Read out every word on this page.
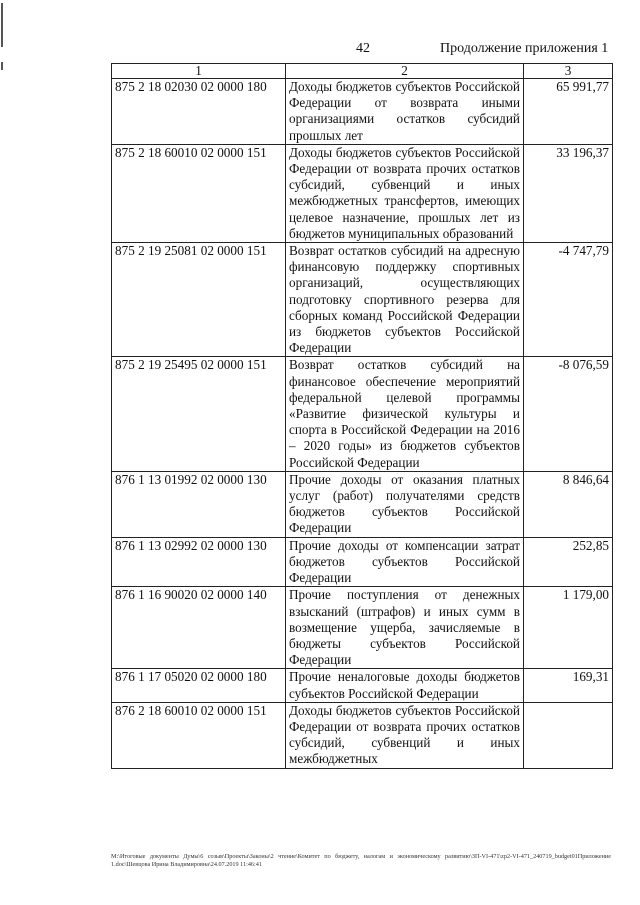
42	Продолжение приложения 1
1	2	3
875 2 18 02030 02 0000 180	Доходы бюджетов субъектов Российской Федерации от возврата иными организациями остатков субсидий прошлых лет	65 991,77
875 2 18 60010 02 0000 151	Доходы бюджетов субъектов Российской Федерации от возврата прочих остатков субсидий, субвенций и иных межбюджетных трансфертов, имеющих целевое назначение, прошлых лет из бюджетов муниципальных образований	33 196,37
875 2 19 25081 02 0000 151	Возврат остатков субсидий на адресную финансовую поддержку спортивных организаций, осуществляющих подготовку спортивного резерва для сборных команд Российской Федерации из бюджетов субъектов Российской Федерации	-4 747,79
875 2 19 25495 02 0000 151	Возврат остатков субсидий на финансовое обеспечение мероприятий федеральной целевой программы «Развитие физической культуры и спорта в Российской Федерации на 2016 – 2020 годы» из бюджетов субъектов Российской Федерации	-8 076,59
876 1 13 01992 02 0000 130	Прочие доходы от оказания платных услуг (работ) получателями средств бюджетов субъектов Российской Федерации	8 846,64
876 1 13 02992 02 0000 130	Прочие доходы от компенсации затрат бюджетов субъектов Российской Федерации	252,85
876 1 16 90020 02 0000 140	Прочие поступления от денежных взысканий (штрафов) и иных сумм в возмещение ущерба, зачисляемые в бюджеты субъектов Российской Федерации	1 179,00
876 1 17 05020 02 0000 180	Прочие неналоговые доходы бюджетов субъектов Российской Федерации	169,31
876 2 18 60010 02 0000 151	Доходы бюджетов субъектов Российской Федерации от возврата прочих остатков субсидий, субвенций и иных межбюджетных	
M:\Итоговые документы Думы\6 созыв\Проекты\Законы\2 чтение\Комитет по бюджету, налогам и экономическому развитию\ЗП-VI-471\zp2-VI-471_240719_budget01Приложение 1.doc\Шевцова Ирина Владимировна\24.07.2019 11:46:41
